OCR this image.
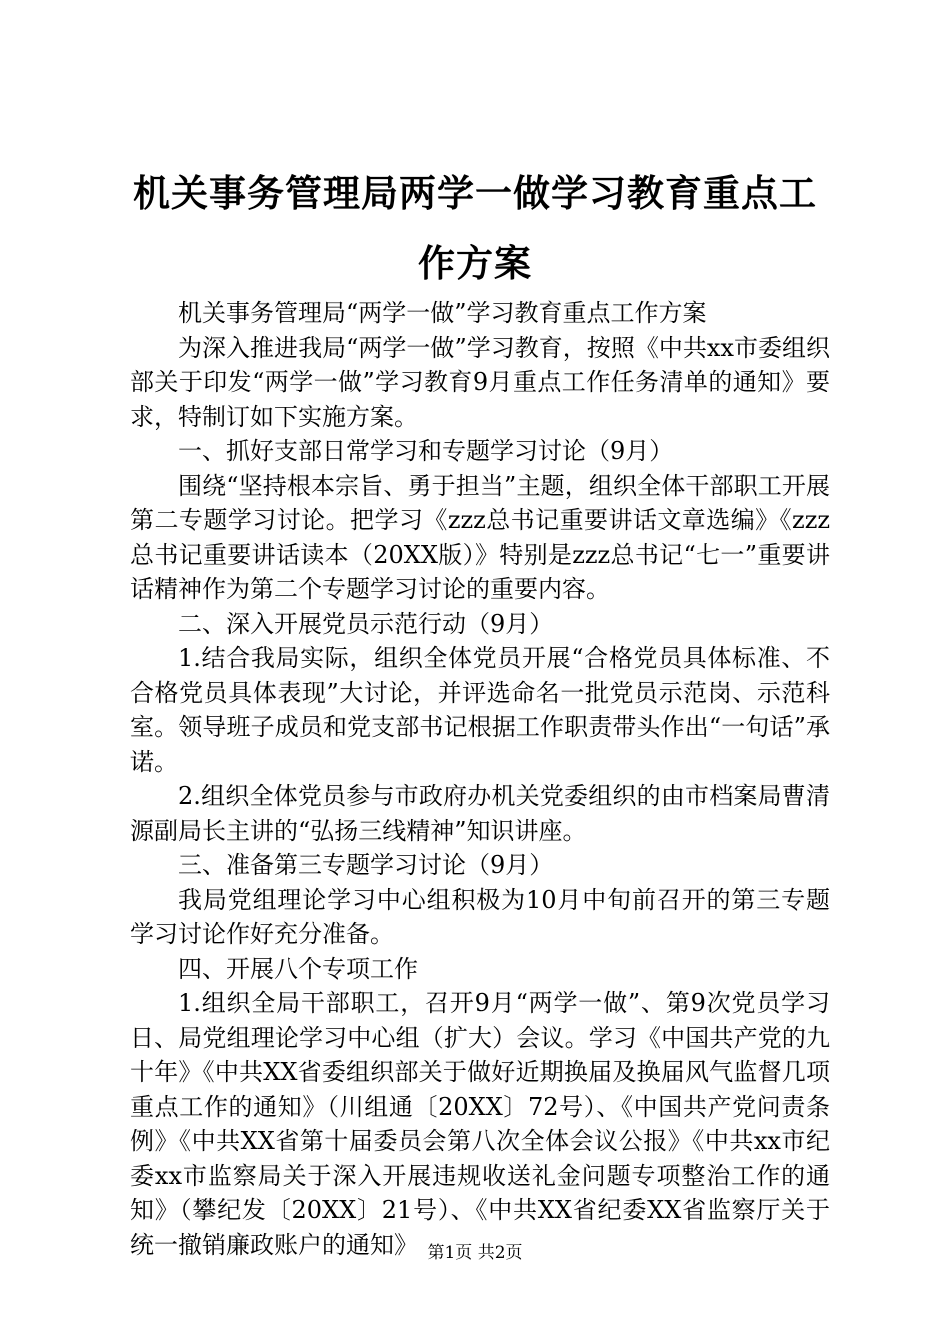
机关事务管理局两学一做学习教育重点工作方案

机关事务管理局“两学一做”学习教育重点工作方案

为深入推进我局“两学一做”学习教育，按照《中共xx市委组织部关于印发“两学一做”学习教育9月重点工作任务清单的通知》要求，特制订如下实施方案。

一、抓好支部日常学习和专题学习讨论（9月）

围绕“坚持根本宗旨、勇于担当”主题，组织全体干部职工开展第二专题学习讨论。把学习《zzz总书记重要讲话文章选编》《zzz总书记重要讲话读本（20XX版）》特别是zzz总书记“七一”重要讲话精神作为第二个专题学习讨论的重要内容。

二、深入开展党员示范行动（9月）

1.结合我局实际，组织全体党员开展“合格党员具体标准、不合格党员具体表现”大讨论，并评选命名一批党员示范岗、示范科室。领导班子成员和党支部书记根据工作职责带头作出“一句话”承诺。

2.组织全体党员参与市政府办机关党委组织的由市档案局曹清源副局长主讲的“弘扬三线精神”知识讲座。

三、准备第三专题学习讨论（9月）

我局党组理论学习中心组积极为10月中旬前召开的第三专题学习讨论作好充分准备。

四、开展八个专项工作

1.组织全局干部职工，召开9月“两学一做”、第9次党员学习日、局党组理论学习中心组（扩大）会议。学习《中国共产党的九十年》《中共XX省委组织部关于做好近期换届及换届风气监督几项重点工作的通知》（川组通〔20XX〕72号）、《中国共产党问责条例》《中共XX省第十届委员会第八次全体会议公报》《中共xx市纪委xx市监察局关于深入开展违规收送礼金问题专项整治工作的通知》（攀纪发〔20XX〕21号）、《中共XX省纪委XX省监察厅关于统一撤销廉政账户的通知》 第1页 共2页
